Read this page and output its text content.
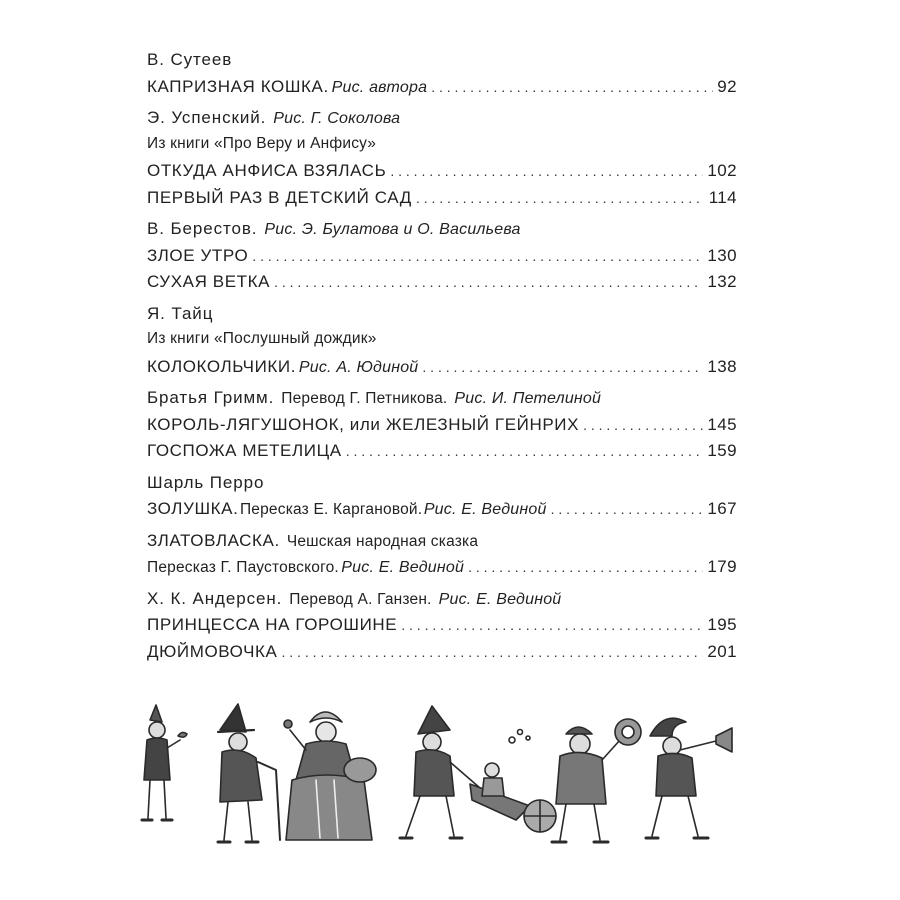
В. Сутеев
КАПРИЗНАЯ КОШКА. Рис. автора . . .	92
Э. Успенский. Рис. Г. Соколова
Из книги «Про Веру и Анфису»
ОТКУДА АНФИСА ВЗЯЛАСЬ . . .	102
ПЕРВЫЙ РАЗ В ДЕТСКИЙ САД . . .	114
В. Берестов. Рис. Э. Булатова и О. Васильева
ЗЛОЕ УТРО . . .	130
СУХАЯ ВЕТКА . . .	132
Я. Тайц
Из книги «Послушный дождик»
КОЛОКОЛЬЧИКИ. Рис. А. Юдиной . . .	138
Братья Гримм. Перевод Г. Петникова. Рис. И. Петелиной
КОРОЛЬ-ЛЯГУШОНОК, или ЖЕЛЕЗНЫЙ ГЕЙНРИХ . . .	145
ГОСПОЖА МЕТЕЛИЦА . . .	159
Шарль Перро
ЗОЛУШКА. Пересказ Е. Каргановой. Рис. Е. Вединой . . .	167
ЗЛАТОВЛАСКА. Чешская народная сказка
Пересказ Г. Паустовского. Рис. Е. Вединой . . .	179
Х. К. Андерсен. Перевод А. Ганзен. Рис. Е. Вединой
ПРИНЦЕССА НА ГОРОШИНЕ . . .	195
ДЮЙМОВОЧКА . . .	201
